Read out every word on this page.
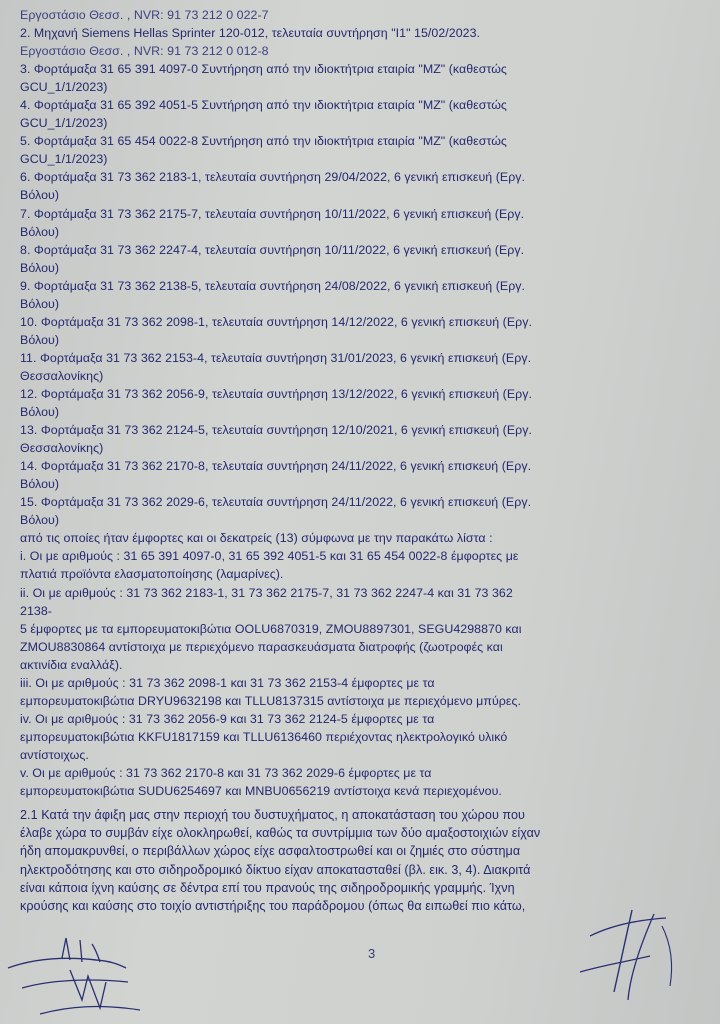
Εργοστάσιο Θεσσ. , NVR: 91 73 212 0 022-7
2. Μηχανή Siemens Hellas Sprinter 120-012, τελευταία συντήρηση "I1" 15/02/2023.
Εργοστάσιο Θεσσ. , NVR: 91 73 212 0 012-8
3. Φορτάμαξα 31 65 391 4097-0 Συντήρηση από την ιδιοκτήτρια εταιρία "ΜΖ" (καθεστώς
GCU_1/1/2023)
4. Φορτάμαξα 31 65 392 4051-5 Συντήρηση από την ιδιοκτήτρια εταιρία "ΜΖ" (καθεστώς
GCU_1/1/2023)
5. Φορτάμαξα 31 65 454 0022-8 Συντήρηση από την ιδιοκτήτρια εταιρία "ΜΖ" (καθεστώς
GCU_1/1/2023)
6. Φορτάμαξα 31 73 362 2183-1, τελευταία συντήρηση 29/04/2022, 6 γενική επισκευή (Εργ.
Βόλου)
7. Φορτάμαξα 31 73 362 2175-7, τελευταία συντήρηση 10/11/2022, 6 γενική επισκευή (Εργ.
Βόλου)
8. Φορτάμαξα 31 73 362 2247-4, τελευταία συντήρηση 10/11/2022, 6 γενική επισκευή (Εργ.
Βόλου)
9. Φορτάμαξα 31 73 362 2138-5, τελευταία συντήρηση 24/08/2022, 6 γενική επισκευή (Εργ.
Βόλου)
10. Φορτάμαξα 31 73 362 2098-1, τελευταία συντήρηση 14/12/2022, 6 γενική επισκευή (Εργ.
Βόλου)
11. Φορτάμαξα 31 73 362 2153-4, τελευταία συντήρηση 31/01/2023, 6 γενική επισκευή (Εργ.
Θεσσαλονίκης)
12. Φορτάμαξα 31 73 362 2056-9, τελευταία συντήρηση 13/12/2022, 6 γενική επισκευή (Εργ.
Βόλου)
13. Φορτάμαξα 31 73 362 2124-5, τελευταία συντήρηση 12/10/2021, 6 γενική επισκευή (Εργ.
Θεσσαλονίκης)
14. Φορτάμαξα 31 73 362 2170-8, τελευταία συντήρηση 24/11/2022, 6 γενική επισκευή (Εργ.
Βόλου)
15. Φορτάμαξα 31 73 362 2029-6, τελευταία συντήρηση 24/11/2022, 6 γενική επισκευή (Εργ.
Βόλου)
από τις οποίες ήταν έμφορτες και οι δεκατρείς (13) σύμφωνα με την παρακάτω λίστα :
i. Οι με αριθμούς : 31 65 391 4097-0, 31 65 392 4051-5 και 31 65 454 0022-8 έμφορτες με
πλατιά προϊόντα ελασματοποίησης (λαμαρίνες).
ii. Οι με αριθμούς : 31 73 362 2183-1, 31 73 362 2175-7, 31 73 362 2247-4 και 31 73 362
2138-
5 έμφορτες με τα εμπορευματοκιβώτια OOLU6870319, ZMOU8897301, SEGU4298870 και
ZMOU8830864 αντίστοιχα με περιεχόμενο παρασκευάσματα διατροφής (ζωοτροφές και
ακτινίδια εναλλάξ).
iii. Οι με αριθμούς : 31 73 362 2098-1 και 31 73 362 2153-4 έμφορτες με τα
εμπορευματοκιβώτια DRYU9632198 και TLLU8137315 αντίστοιχα με περιεχόμενο μπύρες.
iv. Οι με αριθμούς : 31 73 362 2056-9 και 31 73 362 2124-5 έμφορτες με τα
εμπορευματοκιβώτια KKFU1817159 και TLLU6136460 περιέχοντας ηλεκτρολογικό υλικό
αντίστοιχως.
v. Οι με αριθμούς : 31 73 362 2170-8 και 31 73 362 2029-6 έμφορτες με τα
εμπορευματοκιβώτια SUDU6254697 και MNBU0656219 αντίστοιχα κενά περιεχομένου.
2.1 Κατά την άφιξη μας στην περιοχή του δυστυχήματος, η αποκατάσταση του χώρου που
έλαβε χώρα το συμβάν είχε ολοκληρωθεί, καθώς τα συντρίμμια των δύο αμαξοστοιχιών είχαν
ήδη απομακρυνθεί, ο περιβάλλων χώρος είχε ασφαλτοστρωθεί και οι ζημιές στο σύστημα
ηλεκτροδότησης και στο σιδηροδρομικό δίκτυο είχαν αποκατασταθεί (βλ. εικ. 3, 4). Διακριτά
είναι κάποια ίχνη καύσης σε δέντρα επί του πρανούς της σιδηροδρομικής γραμμής. Ίχνη
κρούσης και καύσης στο τοιχίο αντιστήριξης του παράδρομου (όπως θα ειπωθεί πιο κάτω,
3
